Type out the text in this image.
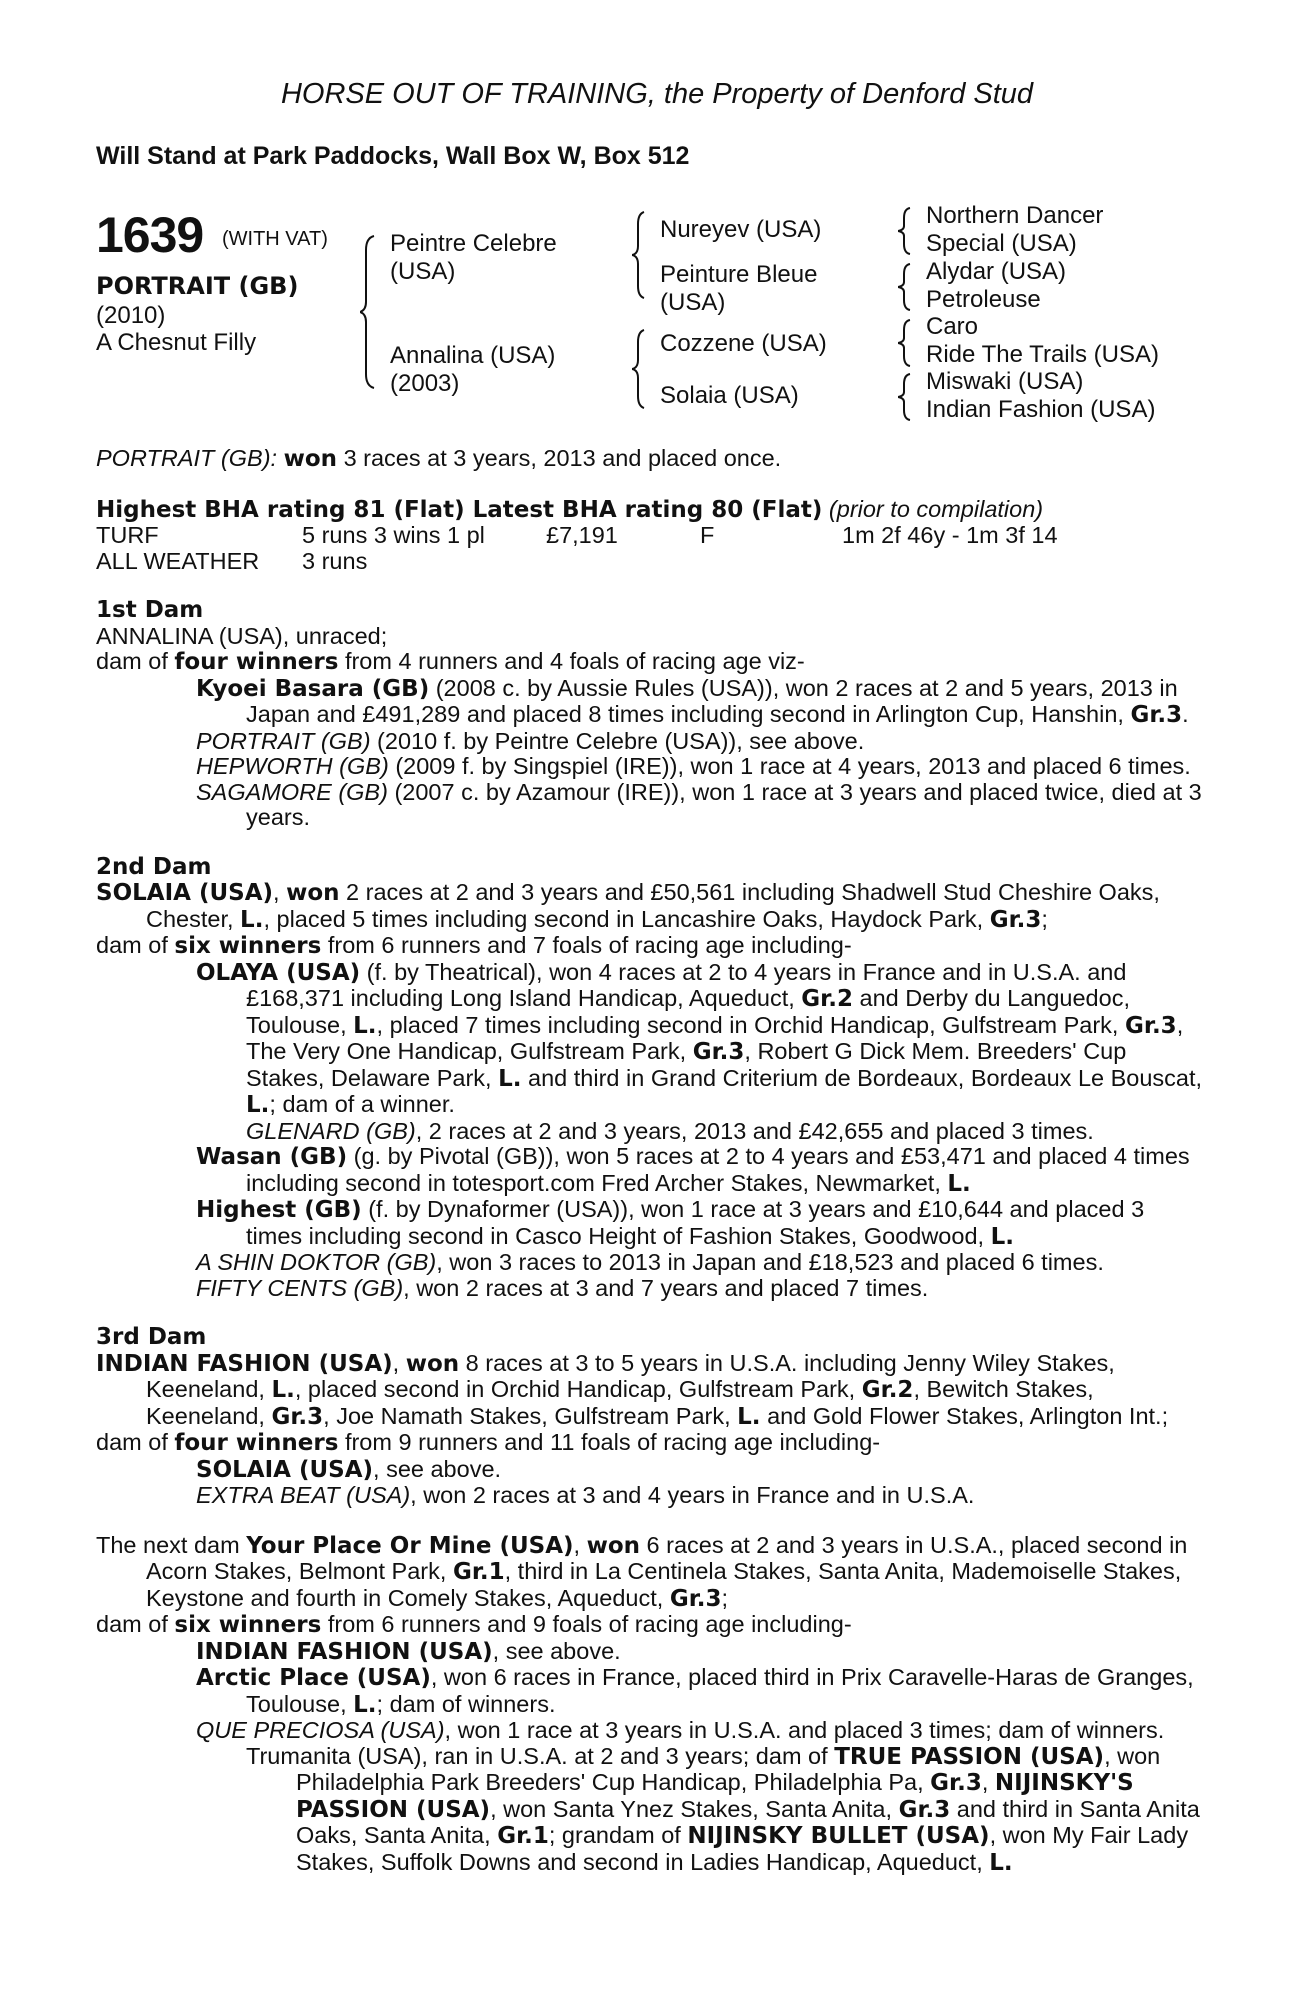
HORSE OUT OF TRAINING, the Property of Denford Stud
Will Stand at Park Paddocks, Wall Box W, Box 512
1639 (WITH VAT)
PORTRAIT (GB)
(2010)
A Chesnut Filly
Peintre Celebre (USA)
Annalina (USA) (2003)
Nureyev (USA)
Peinture Bleue (USA)
Cozzene (USA)
Solaia (USA)
Northern Dancer
Special (USA)
Alydar (USA)
Petroleuse
Caro
Ride The Trails (USA)
Miswaki (USA)
Indian Fashion (USA)

PORTRAIT (GB): won 3 races at 3 years, 2013 and placed once.

Highest BHA rating 81 (Flat) Latest BHA rating 80 (Flat) (prior to compilation)

TURF	5 runs 3 wins 1 pl	£7,191	F	1m 2f 46y - 1m 3f 14
ALL WEATHER 3 runs

1st Dam

ANNALINA (USA), unraced;

dam of four winners from 4 runners and 4 foals of racing age viz-

Kyoei Basara (GB) (2008 c. by Aussie Rules (USA)), won 2 races at 2 and 5 years, 2013 in Japan and £491,289 and placed 8 times including second in Arlington Cup, Hanshin, Gr.3.

PORTRAIT (GB) (2010 f. by Peintre Celebre (USA)), see above.

HEPWORTH (GB) (2009 f. by Singspiel (IRE)), won 1 race at 4 years, 2013 and placed 6 times.

SAGAMORE (GB) (2007 c. by Azamour (IRE)), won 1 race at 3 years and placed twice, died at 3 years.

2nd Dam

SOLAIA (USA), won 2 races at 2 and 3 years and £50,561 including Shadwell Stud Cheshire Oaks, Chester, L., placed 5 times including second in Lancashire Oaks, Haydock Park, Gr.3;

dam of six winners from 6 runners and 7 foals of racing age including-

OLAYA (USA) (f. by Theatrical), won 4 races at 2 to 4 years in France and in U.S.A. and £168,371 including Long Island Handicap, Aqueduct, Gr.2 and Derby du Languedoc, Toulouse, L., placed 7 times including second in Orchid Handicap, Gulfstream Park, Gr.3, The Very One Handicap, Gulfstream Park, Gr.3, Robert G Dick Mem. Breeders' Cup Stakes, Delaware Park, L. and third in Grand Criterium de Bordeaux, Bordeaux Le Bouscat, L.; dam of a winner.

GLENARD (GB), 2 races at 2 and 3 years, 2013 and £42,655 and placed 3 times.

Wasan (GB) (g. by Pivotal (GB)), won 5 races at 2 to 4 years and £53,471 and placed 4 times including second in totesport.com Fred Archer Stakes, Newmarket, L.

Highest (GB) (f. by Dynaformer (USA)), won 1 race at 3 years and £10,644 and placed 3 times including second in Casco Height of Fashion Stakes, Goodwood, L.

A SHIN DOKTOR (GB), won 3 races to 2013 in Japan and £18,523 and placed 6 times.

FIFTY CENTS (GB), won 2 races at 3 and 7 years and placed 7 times.

3rd Dam

INDIAN FASHION (USA), won 8 races at 3 to 5 years in U.S.A. including Jenny Wiley Stakes, Keeneland, L., placed second in Orchid Handicap, Gulfstream Park, Gr.2, Bewitch Stakes, Keeneland, Gr.3, Joe Namath Stakes, Gulfstream Park, L. and Gold Flower Stakes, Arlington Int.;

dam of four winners from 9 runners and 11 foals of racing age including-

SOLAIA (USA), see above.

EXTRA BEAT (USA), won 2 races at 3 and 4 years in France and in U.S.A.

The next dam Your Place Or Mine (USA), won 6 races at 2 and 3 years in U.S.A., placed second in Acorn Stakes, Belmont Park, Gr.1, third in La Centinela Stakes, Santa Anita, Mademoiselle Stakes, Keystone and fourth in Comely Stakes, Aqueduct, Gr.3;

dam of six winners from 6 runners and 9 foals of racing age including-

INDIAN FASHION (USA), see above.

Arctic Place (USA), won 6 races in France, placed third in Prix Caravelle-Haras de Granges, Toulouse, L.; dam of winners.

QUE PRECIOSA (USA), won 1 race at 3 years in U.S.A. and placed 3 times; dam of winners.

Trumanita (USA), ran in U.S.A. at 2 and 3 years; dam of TRUE PASSION (USA), won Philadelphia Park Breeders' Cup Handicap, Philadelphia Pa, Gr.3, NIJINSKY'S PASSION (USA), won Santa Ynez Stakes, Santa Anita, Gr.3 and third in Santa Anita Oaks, Santa Anita, Gr.1; grandam of NIJINSKY BULLET (USA), won My Fair Lady Stakes, Suffolk Downs and second in Ladies Handicap, Aqueduct, L.
